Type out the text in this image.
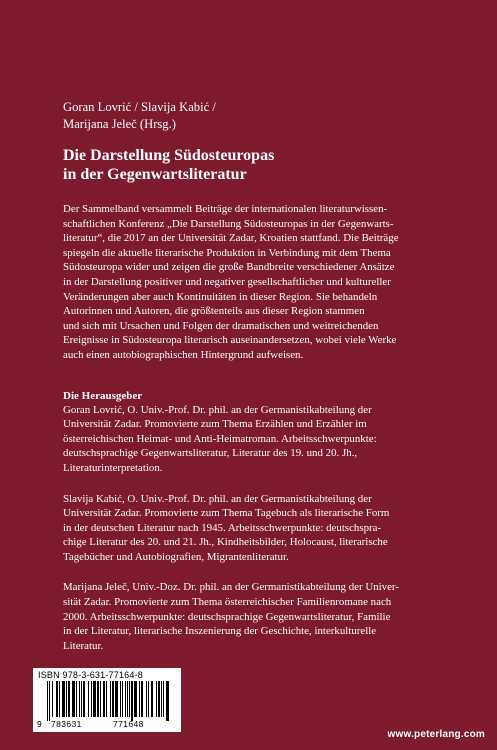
Goran Lovrić / Slavija Kabić /
Marijana Jeleč (Hrsg.)

Die Darstellung Südosteuropas
in der Gegenwartsliteratur

Der Sammelband versammelt Beiträge der internationalen literaturwissen-
schaftlichen Konferenz „Die Darstellung Südosteuropas in der Gegenwarts-
literatur“, die 2017 an der Universität Zadar, Kroatien stattfand. Die Beiträge
spiegeln die aktuelle literarische Produktion in Verbindung mit dem Thema
Südosteuropa wider und zeigen die große Bandbreite verschiedener Ansätze
in der Darstellung positiver und negativer gesellschaftlicher und kultureller
Veränderungen aber auch Kontinuitäten in dieser Region. Sie behandeln
Autorinnen und Autoren, die größtenteils aus dieser Region stammen
und sich mit Ursachen und Folgen der dramatischen und weitreichenden
Ereignisse in Südosteuropa literarisch auseinandersetzen, wobei viele Werke
auch einen autobiographischen Hintergrund aufweisen.

Die Herausgeber

Goran Lovrić, O. Univ.-Prof. Dr. phil. an der Germanistikabteilung der
Universität Zadar. Promovierte zum Thema Erzählen und Erzähler im
österreichischen Heimat- und Anti-Heimatroman. Arbeitsschwerpunkte:
deutschsprachige Gegenwartsliteratur, Literatur des 19. und 20. Jh.,
Literaturinterpretation.

Slavija Kabić, O. Univ.-Prof. Dr. phil. an der Germanistikabteilung der
Universität Zadar. Promovierte zum Thema Tagebuch als literarische Form
in der deutschen Literatur nach 1945. Arbeitsschwerpunkte: deutschspra-
chige Literatur des 20. und 21. Jh., Kindheitsbilder, Holocaust, literarische
Tagebücher und Autobiografien, Migrantenliteratur.

Marijana Jeleč, Univ.-Doz. Dr. phil. an der Germanistikabteilung der Univer-
sität Zadar. Promovierte zum Thema österreichischer Familienromane nach
2000. Arbeitsschwerpunkte: deutschsprachige Gegenwartsliteratur, Familie
in der Literatur, literarische Inszenierung der Geschichte, interkulturelle
Literatur.

ISBN 978-3-631-77164-8
9 783631	771648
www.peterlang.com
